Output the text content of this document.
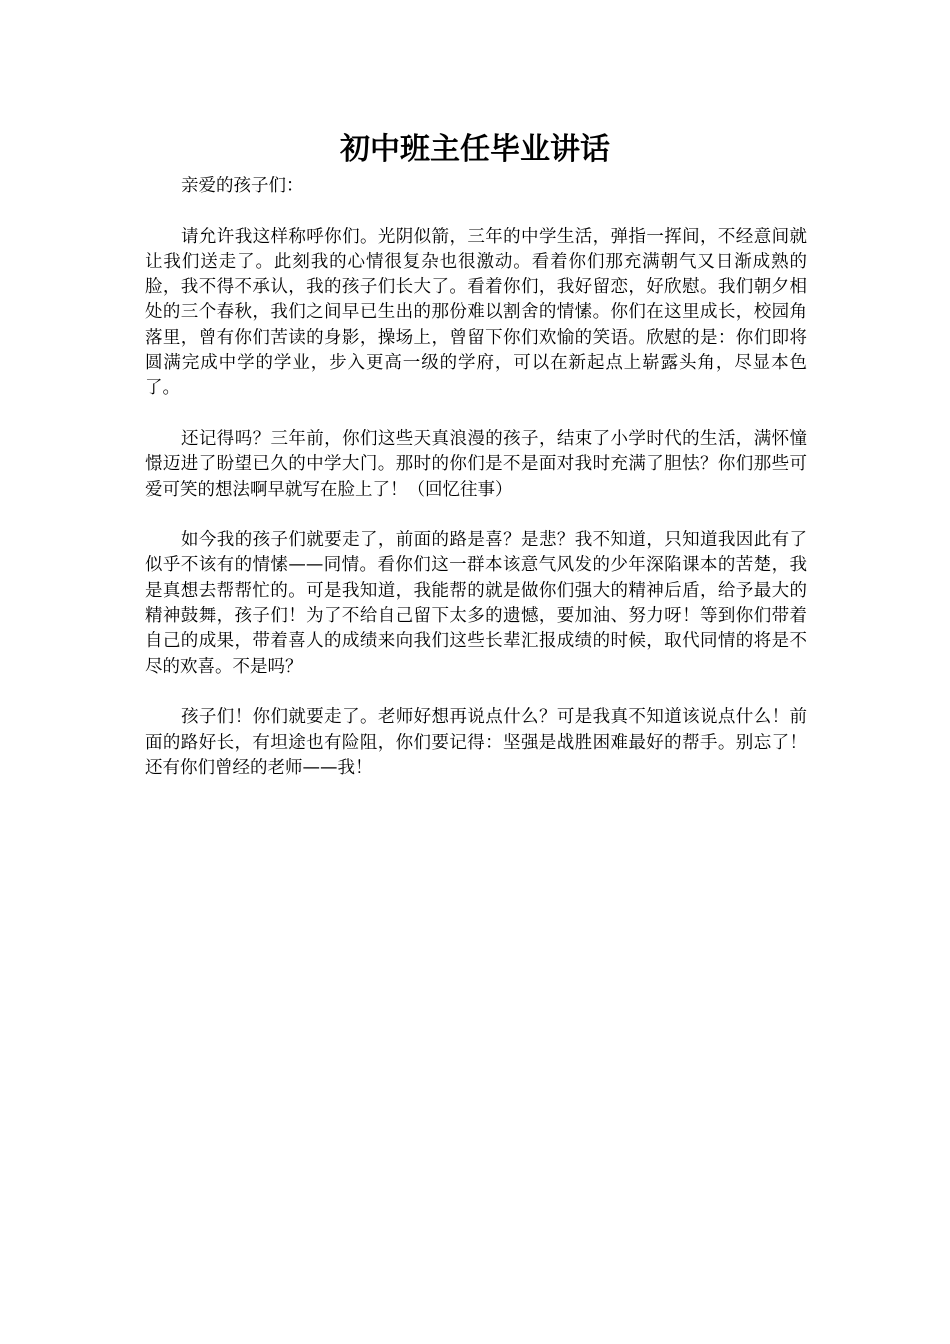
初中班主任毕业讲话

亲爱的孩子们：

请允许我这样称呼你们。光阴似箭，三年的中学生活，弹指一挥间，不经意间就让我们送走了。此刻我的心情很复杂也很激动。看着你们那充满朝气又日渐成熟的脸，我不得不承认，我的孩子们长大了。看着你们，我好留恋，好欣慰。我们朝夕相处的三个春秋，我们之间早已生出的那份难以割舍的情愫。你们在这里成长，校园角落里，曾有你们苦读的身影，操场上，曾留下你们欢愉的笑语。欣慰的是：你们即将圆满完成中学的学业，步入更高一级的学府，可以在新起点上崭露头角，尽显本色了。

还记得吗？三年前，你们这些天真浪漫的孩子，结束了小学时代的生活，满怀憧憬迈进了盼望已久的中学大门。那时的你们是不是面对我时充满了胆怯？你们那些可爱可笑的想法啊早就写在脸上了！（回忆往事）

如今我的孩子们就要走了，前面的路是喜？是悲？我不知道，只知道我因此有了似乎不该有的情愫——同情。看你们这一群本该意气风发的少年深陷课本的苦楚，我是真想去帮帮忙的。可是我知道，我能帮的就是做你们强大的精神后盾，给予最大的精神鼓舞，孩子们！为了不给自己留下太多的遗憾，要加油、努力呀！等到你们带着自己的成果，带着喜人的成绩来向我们这些长辈汇报成绩的时候，取代同情的将是不尽的欢喜。不是吗？

孩子们！你们就要走了。老师好想再说点什么？可是我真不知道该说点什么！前面的路好长，有坦途也有险阻，你们要记得：坚强是战胜困难最好的帮手。别忘了！还有你们曾经的老师——我！
